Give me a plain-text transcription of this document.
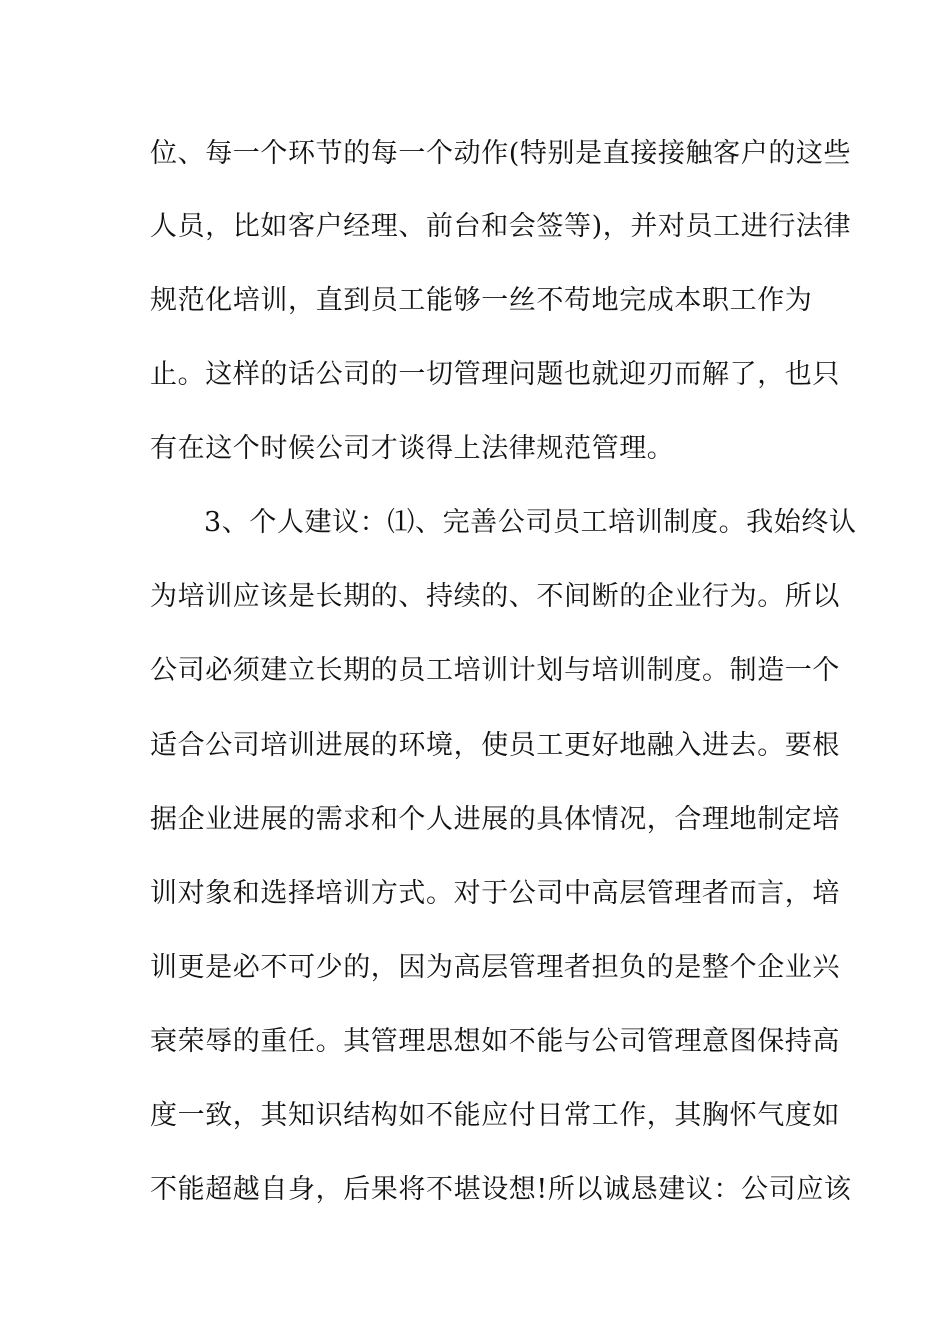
位、每一个环节的每一个动作(特别是直接接触客户的这些
人员，比如客户经理、前台和会签等)，并对员工进行法律
规范化培训，直到员工能够一丝不苟地完成本职工作为
止。这样的话公司的一切管理问题也就迎刃而解了，也只
有在这个时候公司才谈得上法律规范管理。
3、个人建议：⑴、完善公司员工培训制度。我始终认
为培训应该是长期的、持续的、不间断的企业行为。所以
公司必须建立长期的员工培训计划与培训制度。制造一个
适合公司培训进展的环境，使员工更好地融入进去。要根
据企业进展的需求和个人进展的具体情况，合理地制定培
训对象和选择培训方式。对于公司中高层管理者而言，培
训更是必不可少的，因为高层管理者担负的是整个企业兴
衰荣辱的重任。其管理思想如不能与公司管理意图保持高
度一致，其知识结构如不能应付日常工作，其胸怀气度如
不能超越自身，后果将不堪设想!所以诚恳建议：公司应该
